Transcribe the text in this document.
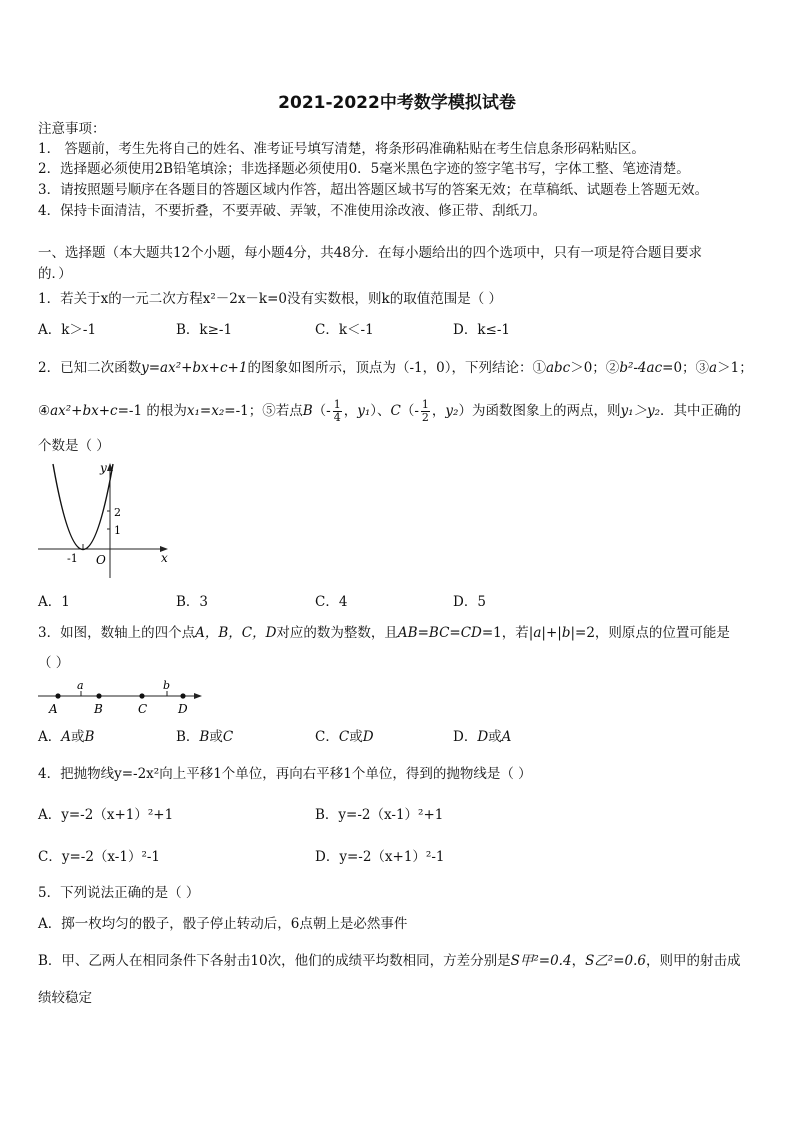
2021-2022中考数学模拟试卷
注意事项：
1． 答题前，考生先将自己的姓名、准考证号填写清楚，将条形码准确粘贴在考生信息条形码粘贴区。
2．选择题必须使用2B铅笔填涂；非选择题必须使用0．5毫米黑色字迹的签字笔书写，字体工整、笔迹清楚。
3．请按照题号顺序在各题目的答题区域内作答，超出答题区域书写的答案无效；在草稿纸、试题卷上答题无效。
4．保持卡面清洁，不要折叠，不要弄破、弄皱，不准使用涂改液、修正带、刮纸刀。
一、选择题（本大题共12个小题，每小题4分，共48分．在每小题给出的四个选项中，只有一项是符合题目要求
的．）
1．若关于x的一元二次方程x²－2x－k=0没有实数根，则k的取值范围是（ ）
A．k＞-1	B．k≥-1	C．k＜-1	D．k≤-1
2．已知二次函数y=ax²+bx+c+1的图象如图所示，顶点为（-1，0），下列结论：①abc＞0；②b²-4ac=0；③a＞1；
④ax²+bx+c=-1 的根为x₁=x₂=-1；⑤若点$B(- \frac{1}{4}$ ，y₁）、$C(- \frac{1}{2}$ ，y₂）为函数图象上的两点，则y₁＞y₂．其中正确的
个数是（ ）
y
x
O
-1
1
2
A．1	B．3	C．4	D．5
3．如图，数轴上的四个点A，B，C，D对应的数为整数，且AB=BC=CD=1，若|a|+|b|=2，则原点的位置可能是
（ ）
a	b
A	B	C	D
A．A或B	B．B或C	C．C或D	D．D或A
4．把抛物线y=-2x²向上平移1个单位，再向右平移1个单位，得到的抛物线是（ ）
A．y=-2（x+1）²+1	B．y=-2（x-1）²+1
C．y=-2（x-1）²-1	D．y=-2（x+1）²-1
5．下列说法正确的是（ ）
A．掷一枚均匀的骰子，骰子停止转动后，6点朝上是必然事件
B．甲、乙两人在相同条件下各射击10次，他们的成绩平均数相同，方差分别是S甲²=0.4，S乙²=0.6，则甲的射击成
绩较稳定
